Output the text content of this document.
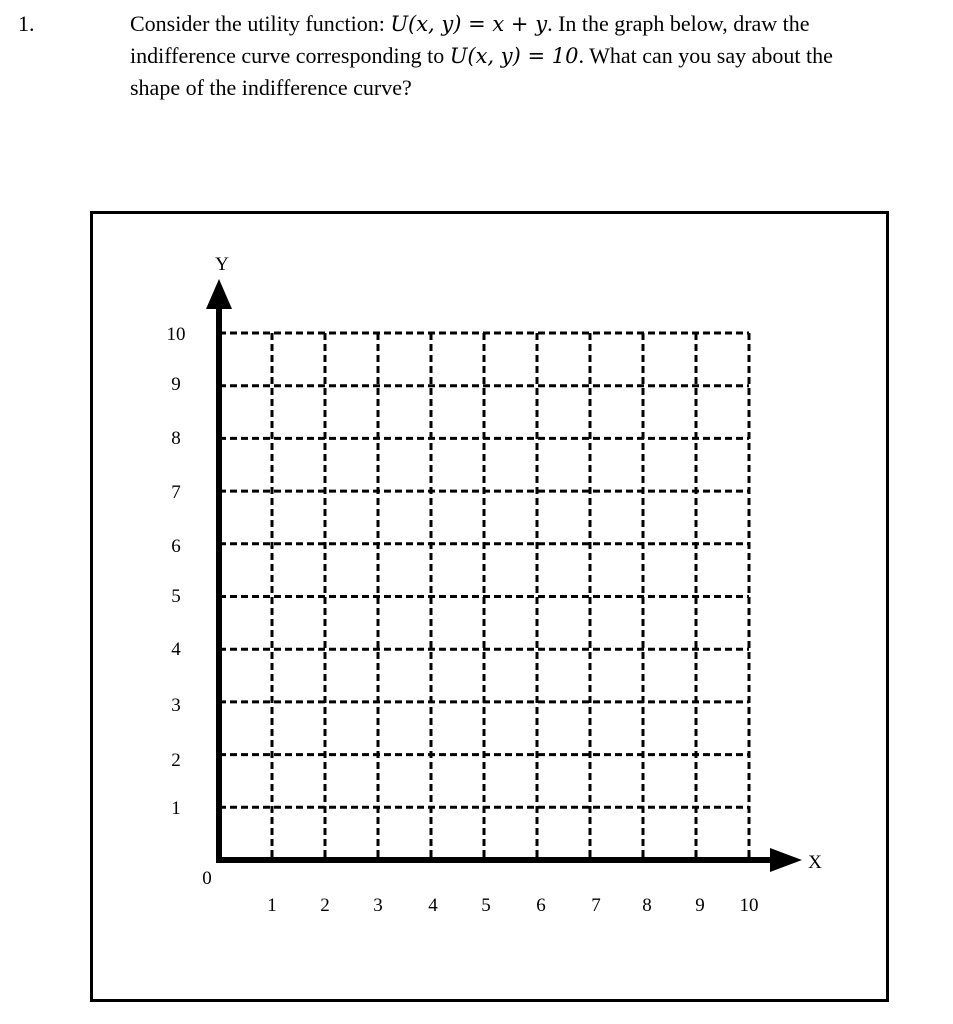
1.	Consider the utility function: U(x, y) = x + y. In the graph below, draw the
indifference curve corresponding to U(x, y) = 10. What can you say about the
shape of the indifference curve?
Y
X
0
1 2 3 4 5 6 7 8 9 10
1
2
3
4
5
6
7
8
9
10
